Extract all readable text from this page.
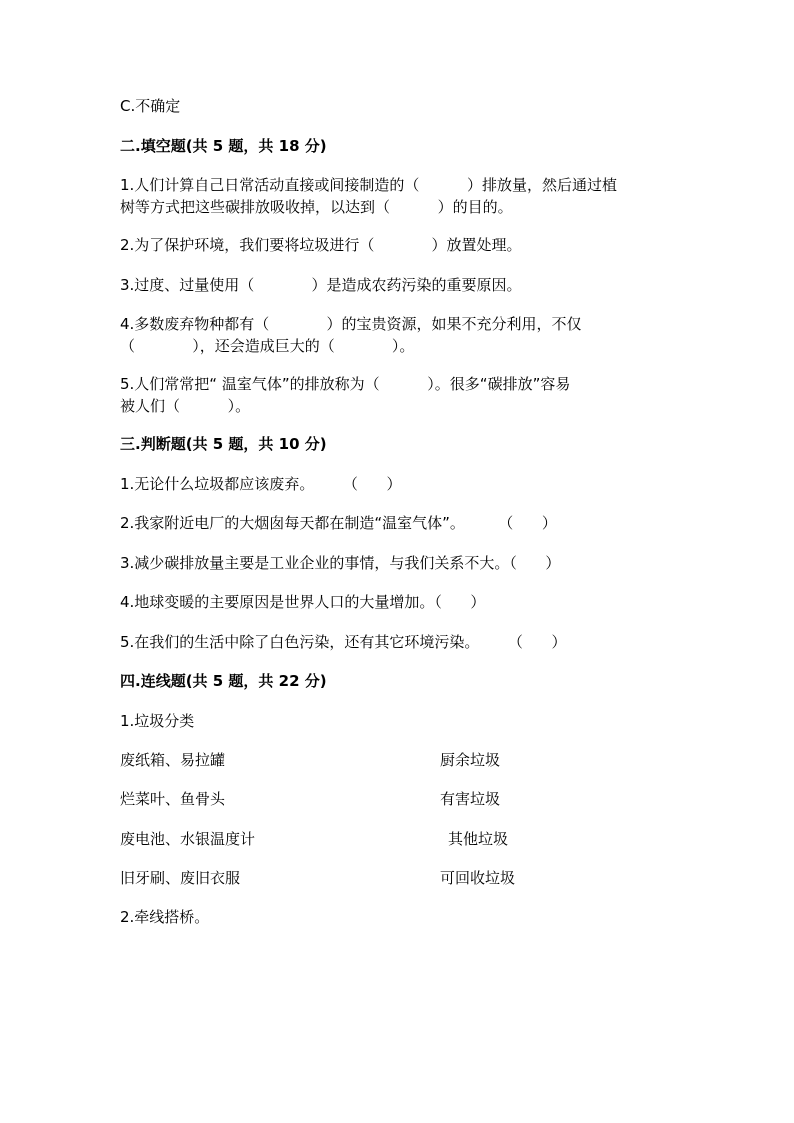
C.不确定
二.填空题(共 5 题，共 18 分)
1.人们计算自己日常活动直接或间接制造的（          ）排放量，然后通过植
树等方式把这些碳排放吸收掉，以达到（          ）的目的。
2.为了保护环境，我们要将垃圾进行（            ）放置处理。
3.过度、过量使用（            ）是造成农药污染的重要原因。
4.多数废弃物种都有（            ）的宝贵资源，如果不充分利用，不仅
（            ），还会造成巨大的（            ）。
5.人们常常把“ 温室气体”的排放称为（          ）。很多“碳排放”容易
被人们（          ）。
三.判断题(共 5 题，共 10 分)
1.无论什么垃圾都应该废弃。      （      ）
2.我家附近电厂的大烟囱每天都在制造“温室气体”。       （      ）
3.减少碳排放量主要是工业企业的事情，与我们关系不大。（      ）
4.地球变暖的主要原因是世界人口的大量增加。（      ）
5.在我们的生活中除了白色污染，还有其它环境污染。      （      ）
四.连线题(共 5 题，共 22 分)
1.垃圾分类
废纸箱、易拉罐	厨余垃圾
烂菜叶、鱼骨头	有害垃圾
废电池、水银温度计	其他垃圾
旧牙刷、废旧衣服	可回收垃圾
2.牵线搭桥。
